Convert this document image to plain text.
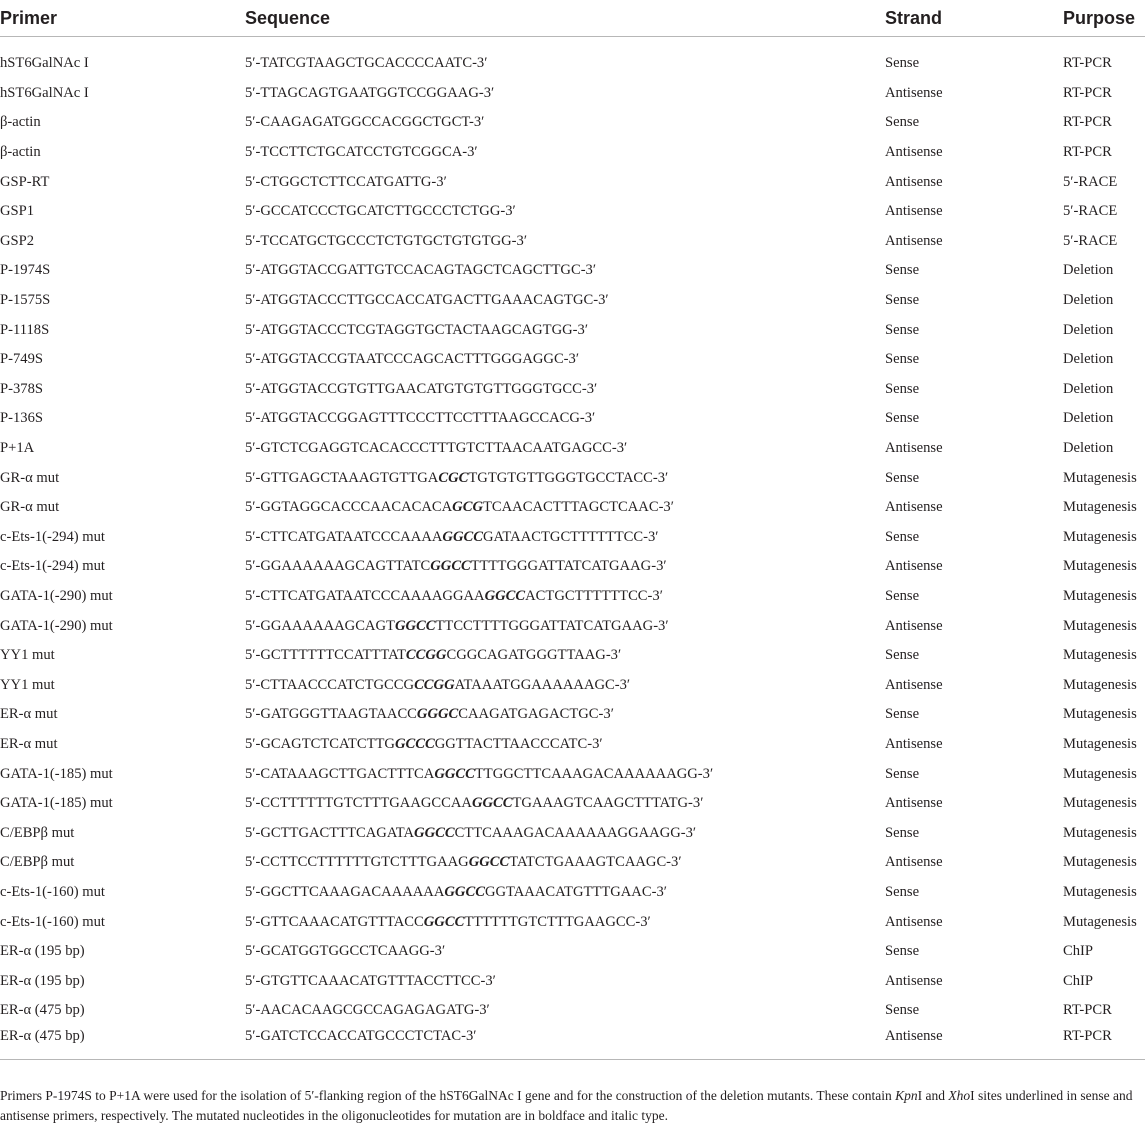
Primer	Sequence	Strand	Purpose

hST6GalNAc I	5′-TATCGTAAGCTGCACCCCAATC-3′	Sense	RT-PCR
hST6GalNAc I	5′-TTAGCAGTGAATGGTCCGGAAG-3′	Antisense	RT-PCR
β-actin	5′-CAAGAGATGGCCACGGCTGCT-3′	Sense	RT-PCR
β-actin	5′-TCCTTCTGCATCCTGTCGGCA-3′	Antisense	RT-PCR
GSP-RT	5′-CTGGCTCTTCCATGATTG-3′	Antisense	5′-RACE
GSP1	5′-GCCATCCCTGCATCTTGCCCTCTGG-3′	Antisense	5′-RACE
GSP2	5′-TCCATGCTGCCCTCTGTGCTGTGTGG-3′	Antisense	5′-RACE
P-1974S	5′-ATGGTACCGATTGTCCACAGTAGCTCAGCTTGC-3′	Sense	Deletion
P-1575S	5′-ATGGTACCCTTGCCACCATGACTTGAAACAGTGC-3′	Sense	Deletion
P-1118S	5′-ATGGTACCCTCGTAGGTGCTACTAAGCAGTGG-3′	Sense	Deletion
P-749S	5′-ATGGTACCGTAATCCCAGCACTTTGGGAGGC-3′	Sense	Deletion
P-378S	5′-ATGGTACCGTGTTGAACATGTGTGTTGGGTGCC-3′	Sense	Deletion
P-136S	5′-ATGGTACCGGAGTTTCCCTTCCTTTAAGCCACG-3′	Sense	Deletion
P+1A	5′-GTCTCGAGGTCACACCCTTTGTCTTAACAATGAGCC-3′	Antisense	Deletion
GR-α mut	5′-GTTGAGCTAAAGTGTTGACGCTGTGTGTTGGGTGCCTACC-3′	Sense	Mutagenesis
GR-α mut	5′-GGTAGGCACCCAACACACAGCGTCAACACTTTAGCTCAAC-3′	Antisense	Mutagenesis
c-Ets-1(-294) mut	5′-CTTCATGATAATCCCAAAAGGCCGATAACTGCTTTTTTCC-3′	Sense	Mutagenesis
c-Ets-1(-294) mut	5′-GGAAAAAAGCAGTTATCGGCCTTTTGGGATTATCATGAAG-3′	Antisense	Mutagenesis
GATA-1(-290) mut	5′-CTTCATGATAATCCCAAAAGGAAGGCCACTGCTTTTTTCC-3′	Sense	Mutagenesis
GATA-1(-290) mut	5′-GGAAAAAAGCAGTGGCCTTCCTTTTGGGATTATCATGAAG-3′	Antisense	Mutagenesis
YY1 mut	5′-GCTTTTTTCCATTTATCCGGCGGCAGATGGGTTAAG-3′	Sense	Mutagenesis
YY1 mut	5′-CTTAACCCATCTGCCGCCGGATAAATGGAAAAAAGC-3′	Antisense	Mutagenesis
ER-α mut	5′-GATGGGTTAAGTAACCGGGCCAAGATGAGACTGC-3′	Sense	Mutagenesis
ER-α mut	5′-GCAGTCTCATCTTGGCCCGGTTACTTAACCCATC-3′	Antisense	Mutagenesis
GATA-1(-185) mut	5′-CATAAAGCTTGACTTTCAGGCCTTGGCTTCAAAGACAAAAAAGG-3′	Sense	Mutagenesis
GATA-1(-185) mut	5′-CCTTTTTTGTCTTTGAAGCCAAGGCCTGAAAGTCAAGCTTTATG-3′	Antisense	Mutagenesis
C/EBPβ mut	5′-GCTTGACTTTCAGATAGGCCCTTCAAAGACAAAAAAGGAAGG-3′	Sense	Mutagenesis
C/EBPβ mut	5′-CCTTCCTTTTTTGTCTTTGAAGGGCCTATCTGAAAGTCAAGC-3′	Antisense	Mutagenesis
c-Ets-1(-160) mut	5′-GGCTTCAAAGACAAAAAAGGCCGGTAAACATGTTTGAAC-3′	Sense	Mutagenesis
c-Ets-1(-160) mut	5′-GTTCAAACATGTTTACCGGCCTTTTTTGTCTTTGAAGCC-3′	Antisense	Mutagenesis
ER-α (195 bp)	5′-GCATGGTGGCCTCAAGG-3′	Sense	ChIP
ER-α (195 bp)	5′-GTGTTCAAACATGTTTACCTTCC-3′	Antisense	ChIP
ER-α (475 bp)	5′-AACACAAGCGCCAGAGAGATG-3′	Sense	RT-PCR
ER-α (475 bp)	5′-GATCTCCACCATGCCCTCTAC-3′	Antisense	RT-PCR

Primers P-1974S to P+1A were used for the isolation of 5′-flanking region of the hST6GalNAc I gene and for the construction of the deletion mutants. These contain KpnI and XhoI sites underlined in sense and antisense primers, respectively. The mutated nucleotides in the oligonucleotides for mutation are in boldface and italic type.
